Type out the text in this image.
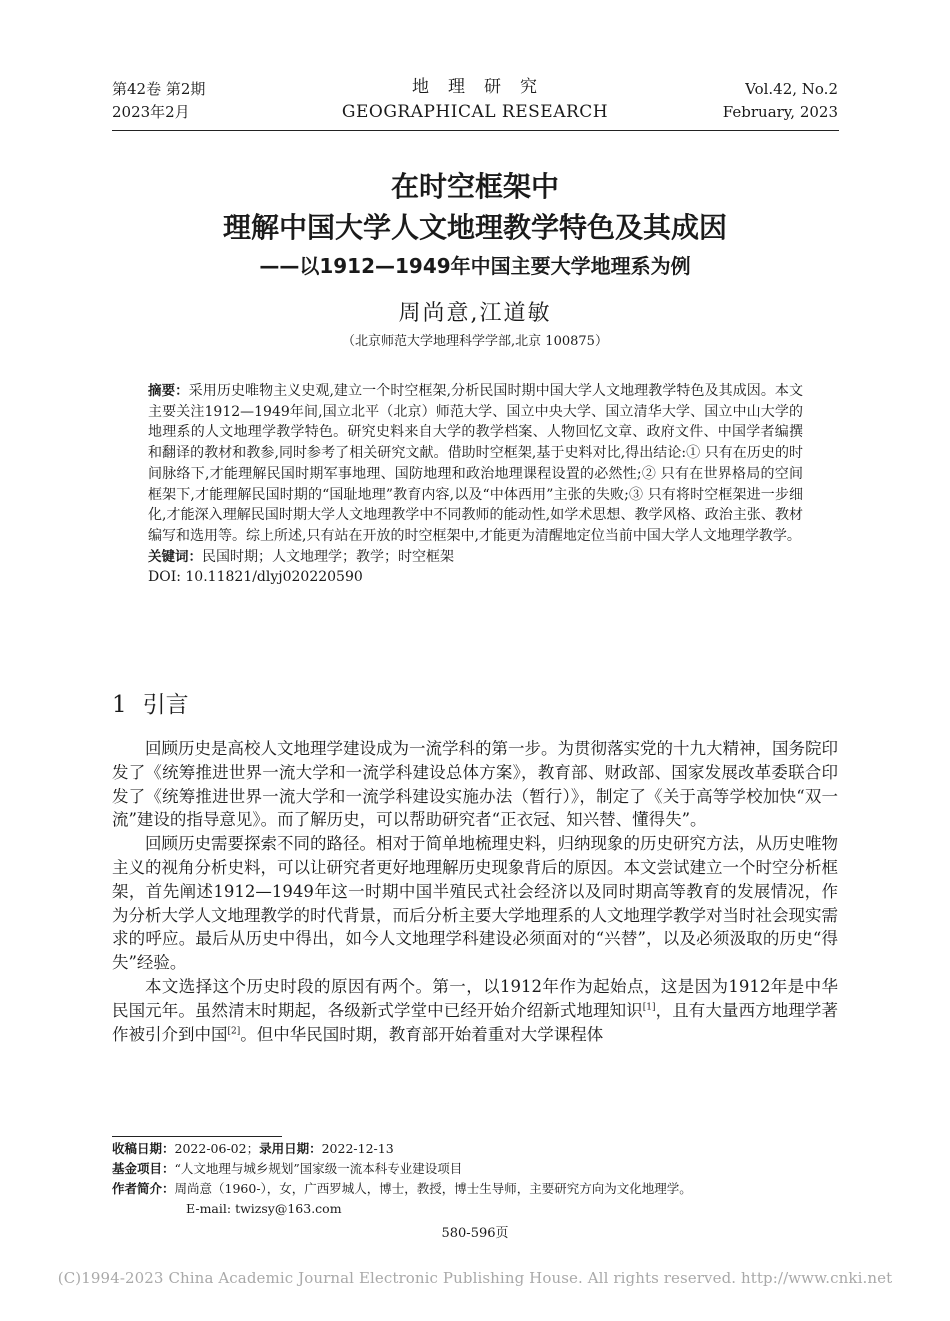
第42卷 第2期
2023年2月
地　理　研　究
GEOGRAPHICAL RESEARCH
Vol.42, No.2
February, 2023
在时空框架中
理解中国大学人文地理教学特色及其成因
——以1912—1949年中国主要大学地理系为例
周尚意,江道敏
（北京师范大学地理科学学部,北京 100875）

摘要：采用历史唯物主义史观,建立一个时空框架,分析民国时期中国大学人文地理教学特色及其成因。本文主要关注1912—1949年间,国立北平（北京）师范大学、国立中央大学、国立清华大学、国立中山大学的地理系的人文地理学教学特色。研究史料来自大学的教学档案、人物回忆文章、政府文件、中国学者编撰和翻译的教材和教参,同时参考了相关研究文献。借助时空框架,基于史料对比,得出结论:① 只有在历史的时间脉络下,才能理解民国时期军事地理、国防地理和政治地理课程设置的必然性;② 只有在世界格局的空间框架下,才能理解民国时期的“国耻地理”教育内容,以及“中体西用”主张的失败;③ 只有将时空框架进一步细化,才能深入理解民国时期大学人文地理教学中不同教师的能动性,如学术思想、教学风格、政治主张、教材编写和选用等。综上所述,只有站在开放的时空框架中,才能更为清醒地定位当前中国大学人文地理学教学。

关键词：民国时期；人文地理学；教学；时空框架

DOI: 10.11821/dlyj020220590

1 引言

回顾历史是高校人文地理学建设成为一流学科的第一步。为贯彻落实党的十九大精神，国务院印发了《统筹推进世界一流大学和一流学科建设总体方案》，教育部、财政部、国家发展改革委联合印发了《统筹推进世界一流大学和一流学科建设实施办法（暂行）》，制定了《关于高等学校加快“双一流”建设的指导意见》。而了解历史，可以帮助研究者“正衣冠、知兴替、懂得失”。

回顾历史需要探索不同的路径。相对于简单地梳理史料，归纳现象的历史研究方法，从历史唯物主义的视角分析史料，可以让研究者更好地理解历史现象背后的原因。本文尝试建立一个时空分析框架，首先阐述1912—1949年这一时期中国半殖民式社会经济以及同时期高等教育的发展情况，作为分析大学人文地理教学的时代背景，而后分析主要大学地理系的人文地理学教学对当时社会现实需求的呼应。最后从历史中得出，如今人文地理学科建设必须面对的“兴替”，以及必须汲取的历史“得失”经验。

本文选择这个历史时段的原因有两个。第一，以1912年作为起始点，这是因为1912年是中华民国元年。虽然清末时期起，各级新式学堂中已经开始介绍新式地理知识[1]，且有大量西方地理学著作被引介到中国[2]。但中华民国时期，教育部开始着重对大学课程体

收稿日期：2022-06-02；录用日期：2022-12-13
基金项目：“人文地理与城乡规划”国家级一流本科专业建设项目
作者简介：周尚意（1960-），女，广西罗城人，博士，教授，博士生导师，主要研究方向为文化地理学。
E-mail: twizsy@163.com
580-596页
(C)1994-2023 China Academic Journal Electronic Publishing House. All rights reserved. http://www.cnki.net
